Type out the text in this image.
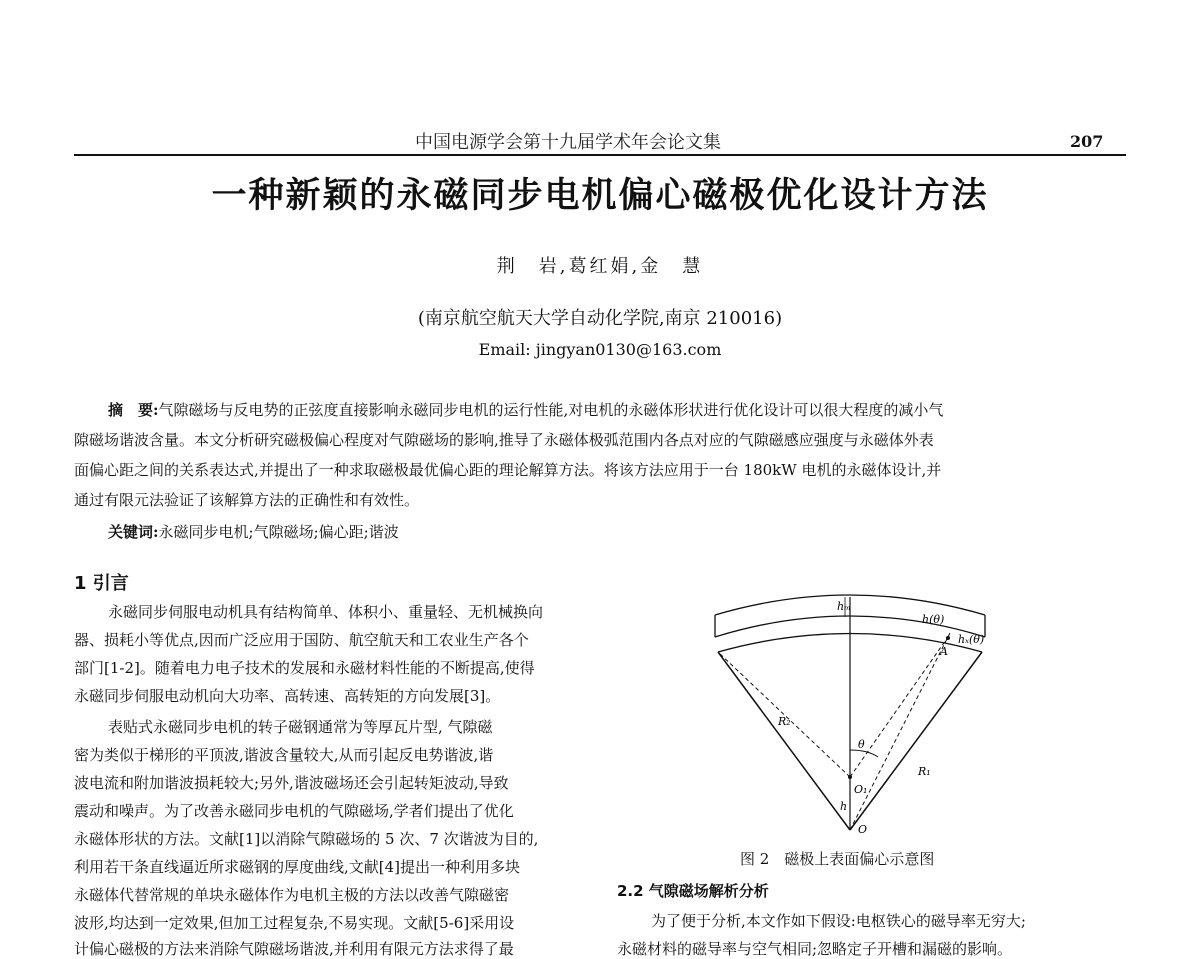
中国电源学会第十九届学术年会论文集	207
一种新颖的永磁同步电机偏心磁极优化设计方法
荆　岩,葛红娟,金　慧
(南京航空航天大学自动化学院,南京 210016)
Email: jingyan0130@163.com
摘　要:气隙磁场与反电势的正弦度直接影响永磁同步电机的运行性能,对电机的永磁体形状进行优化设计可以很大程度的减小气
隙磁场谐波含量。本文分析研究磁极偏心程度对气隙磁场的影响,推导了永磁体极弧范围内各点对应的气隙磁感应强度与永磁体外表
面偏心距之间的关系表达式,并提出了一种求取磁极最优偏心距的理论解算方法。将该方法应用于一台 180kW 电机的永磁体设计,并
通过有限元法验证了该解算方法的正确性和有效性。
关键词:永磁同步电机;气隙磁场;偏心距;谐波
1 引言
永磁同步伺服电动机具有结构简单、体积小、重量轻、无机械换向
器、损耗小等优点,因而广泛应用于国防、航空航天和工农业生产各个
部门[1-2]。随着电力电子技术的发展和永磁材料性能的不断提高,使得
永磁同步伺服电动机向大功率、高转速、高转矩的方向发展[3]。
表贴式永磁同步电机的转子磁钢通常为等厚瓦片型, 气隙磁
密为类似于梯形的平顶波,谐波含量较大,从而引起反电势谐波,谐
波电流和附加谐波损耗较大;另外,谐波磁场还会引起转矩波动,导致
震动和噪声。为了改善永磁同步电机的气隙磁场,学者们提出了优化
永磁体形状的方法。文献[1]以消除气隙磁场的 5 次、7 次谐波为目的,
利用若干条直线逼近所求磁钢的厚度曲线,文献[4]提出一种利用多块
永磁体代替常规的单块永磁体作为电机主极的方法以改善气隙磁密
波形,均达到一定效果,但加工过程复杂,不易实现。文献[5-6]采用设
计偏心磁极的方法来消除气隙磁场谐波,并利用有限元方法求得了最
hₘ
h(θ)
hₓ(θ)
A
R₂
θ
R₁
O₁
h
O
图 2　磁极上表面偏心示意图
2.2 气隙磁场解析分析
为了便于分析,本文作如下假设:电枢铁心的磁导率无穷大;
永磁材料的磁导率与空气相同;忽略定子开槽和漏磁的影响。
